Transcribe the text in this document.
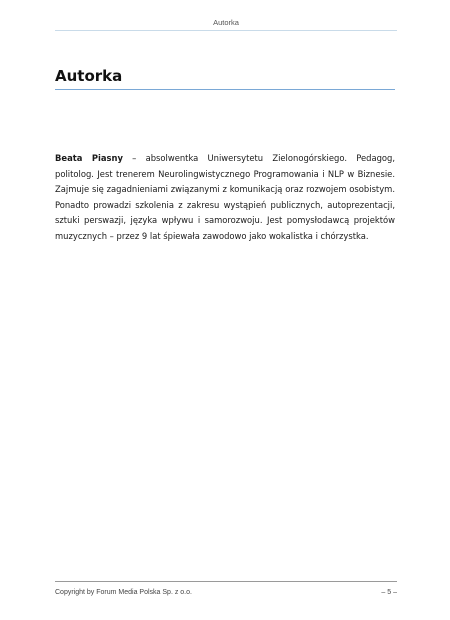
Autorka
Autorka

Beata Piasny – absolwentka Uniwersytetu Zielonogórskiego. Pedagog, politolog. Jest trenerem Neurolingwistycznego Programowania i NLP w Biznesie. Zajmuje się zagadnieniami związanymi z komunikacją oraz rozwojem osobistym. Ponadto prowadzi szkolenia z zakresu wystąpień publicznych, autoprezentacji, sztuki perswazji, języka wpływu i samorozwoju. Jest pomysłodawcą projektów muzycznych – przez 9 lat śpiewała zawodowo jako wokalistka i chórzystka.

Copyright by Forum Media Polska Sp. z o.o.	– 5 –
